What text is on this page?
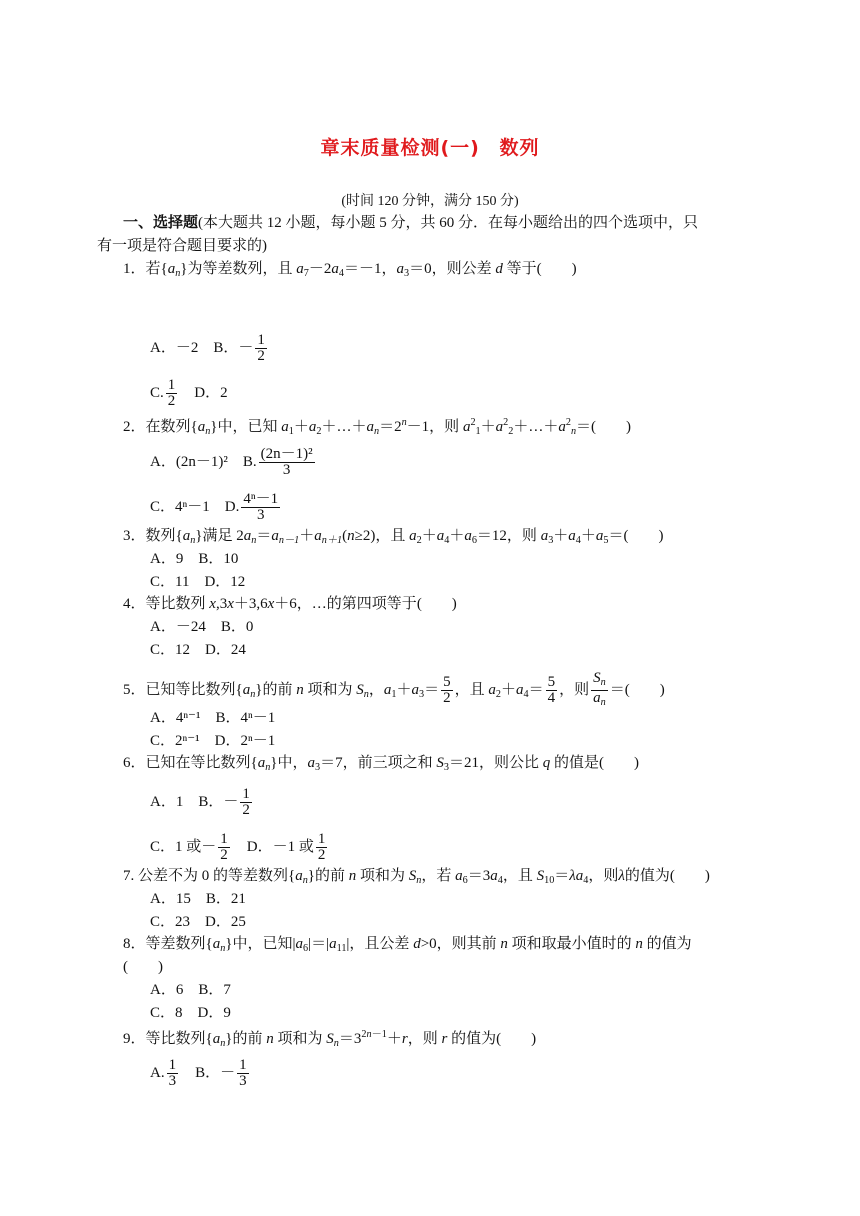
章末质量检测(一) 数列
(时间 120 分钟，满分 150 分)
一、选择题(本大题共 12 小题，每小题 5 分，共 60 分．在每小题给出的四个选项中，只
有一项是符合题目要求的)
1．若$\{a_n\}$为等差数列，且 $a_7-2a_4=-1$，$a_3=0$，则公差 d 等于(　　)
A．－2　 B．－ $\frac{1}{2}$
C. $\frac{1}{2}$
　 D．2
2．在数列$\{a_n\}$中，已知 $a_1+a_2+\dots+a_n=2^n-1$，则 $a^2_1+a^2_2+\dots+a^2_n=$(　　)
A．(2n－1)²　 B. $\frac{\text{(2n－1)²}}{3}$
C．4ⁿ－1　 D. $\frac{\text{4ⁿ－1}}{3}$
3．数列$\{a_n\}$满足 $2a_n=a_{n-1}+a_{n+1}(n\ge 2)$，且 $a_2+a_4+a_6=12$，则 $a_3+a_4+a_5=$(　　)
A．9　B．10
C．11　D．12
4．等比数列 x,3x＋3,6x＋6，…的第四项等于(　　)
A．－24　B．0
C．12　D．24
5．已知等比数列$\{a_n\}$的前 n 项和为 $S_n$，$a_1+a_3= \frac{5}{2}$ ，且 $a_2+a_4= \frac{5}{4}$ ，则 $\frac{S_n}{a_n}$ ＝(　　)
A．4ⁿ⁻¹　B．4ⁿ－1
C．2ⁿ⁻¹　D．2ⁿ－1
6．已知在等比数列$\{a_n\}$中，$a_3=7$，前三项之和 $S_3=21$，则公比 q 的值是(　　)
A．1　B．－ $\frac{1}{2}$
C．1 或－ $\frac{1}{2}$
　 D．－1 或 $\frac{1}{2}$
7. 公差不为 0 的等差数列$\{a_n\}$的前 n 项和为 $S_n$，若 $a_6=3a_4$，且 $S_{10}=\lambda a_4$，则λ的值为(　　)
A．15　B．21
C．23　D．25
8．等差数列$\{a_n\}$中，已知$|a_6|=|a_{11}|$，且公差 d>0，则其前 n 项和取最小值时的 n 的值为
(　　)
A．6　B．7
C．8　D．9
9．等比数列$\{a_n\}$的前 n 项和为 $S_n=3^{2n-1}+r$，则 r 的值为(　　)
A. $\frac{1}{3}$
　 B．－ $\frac{1}{3}$
